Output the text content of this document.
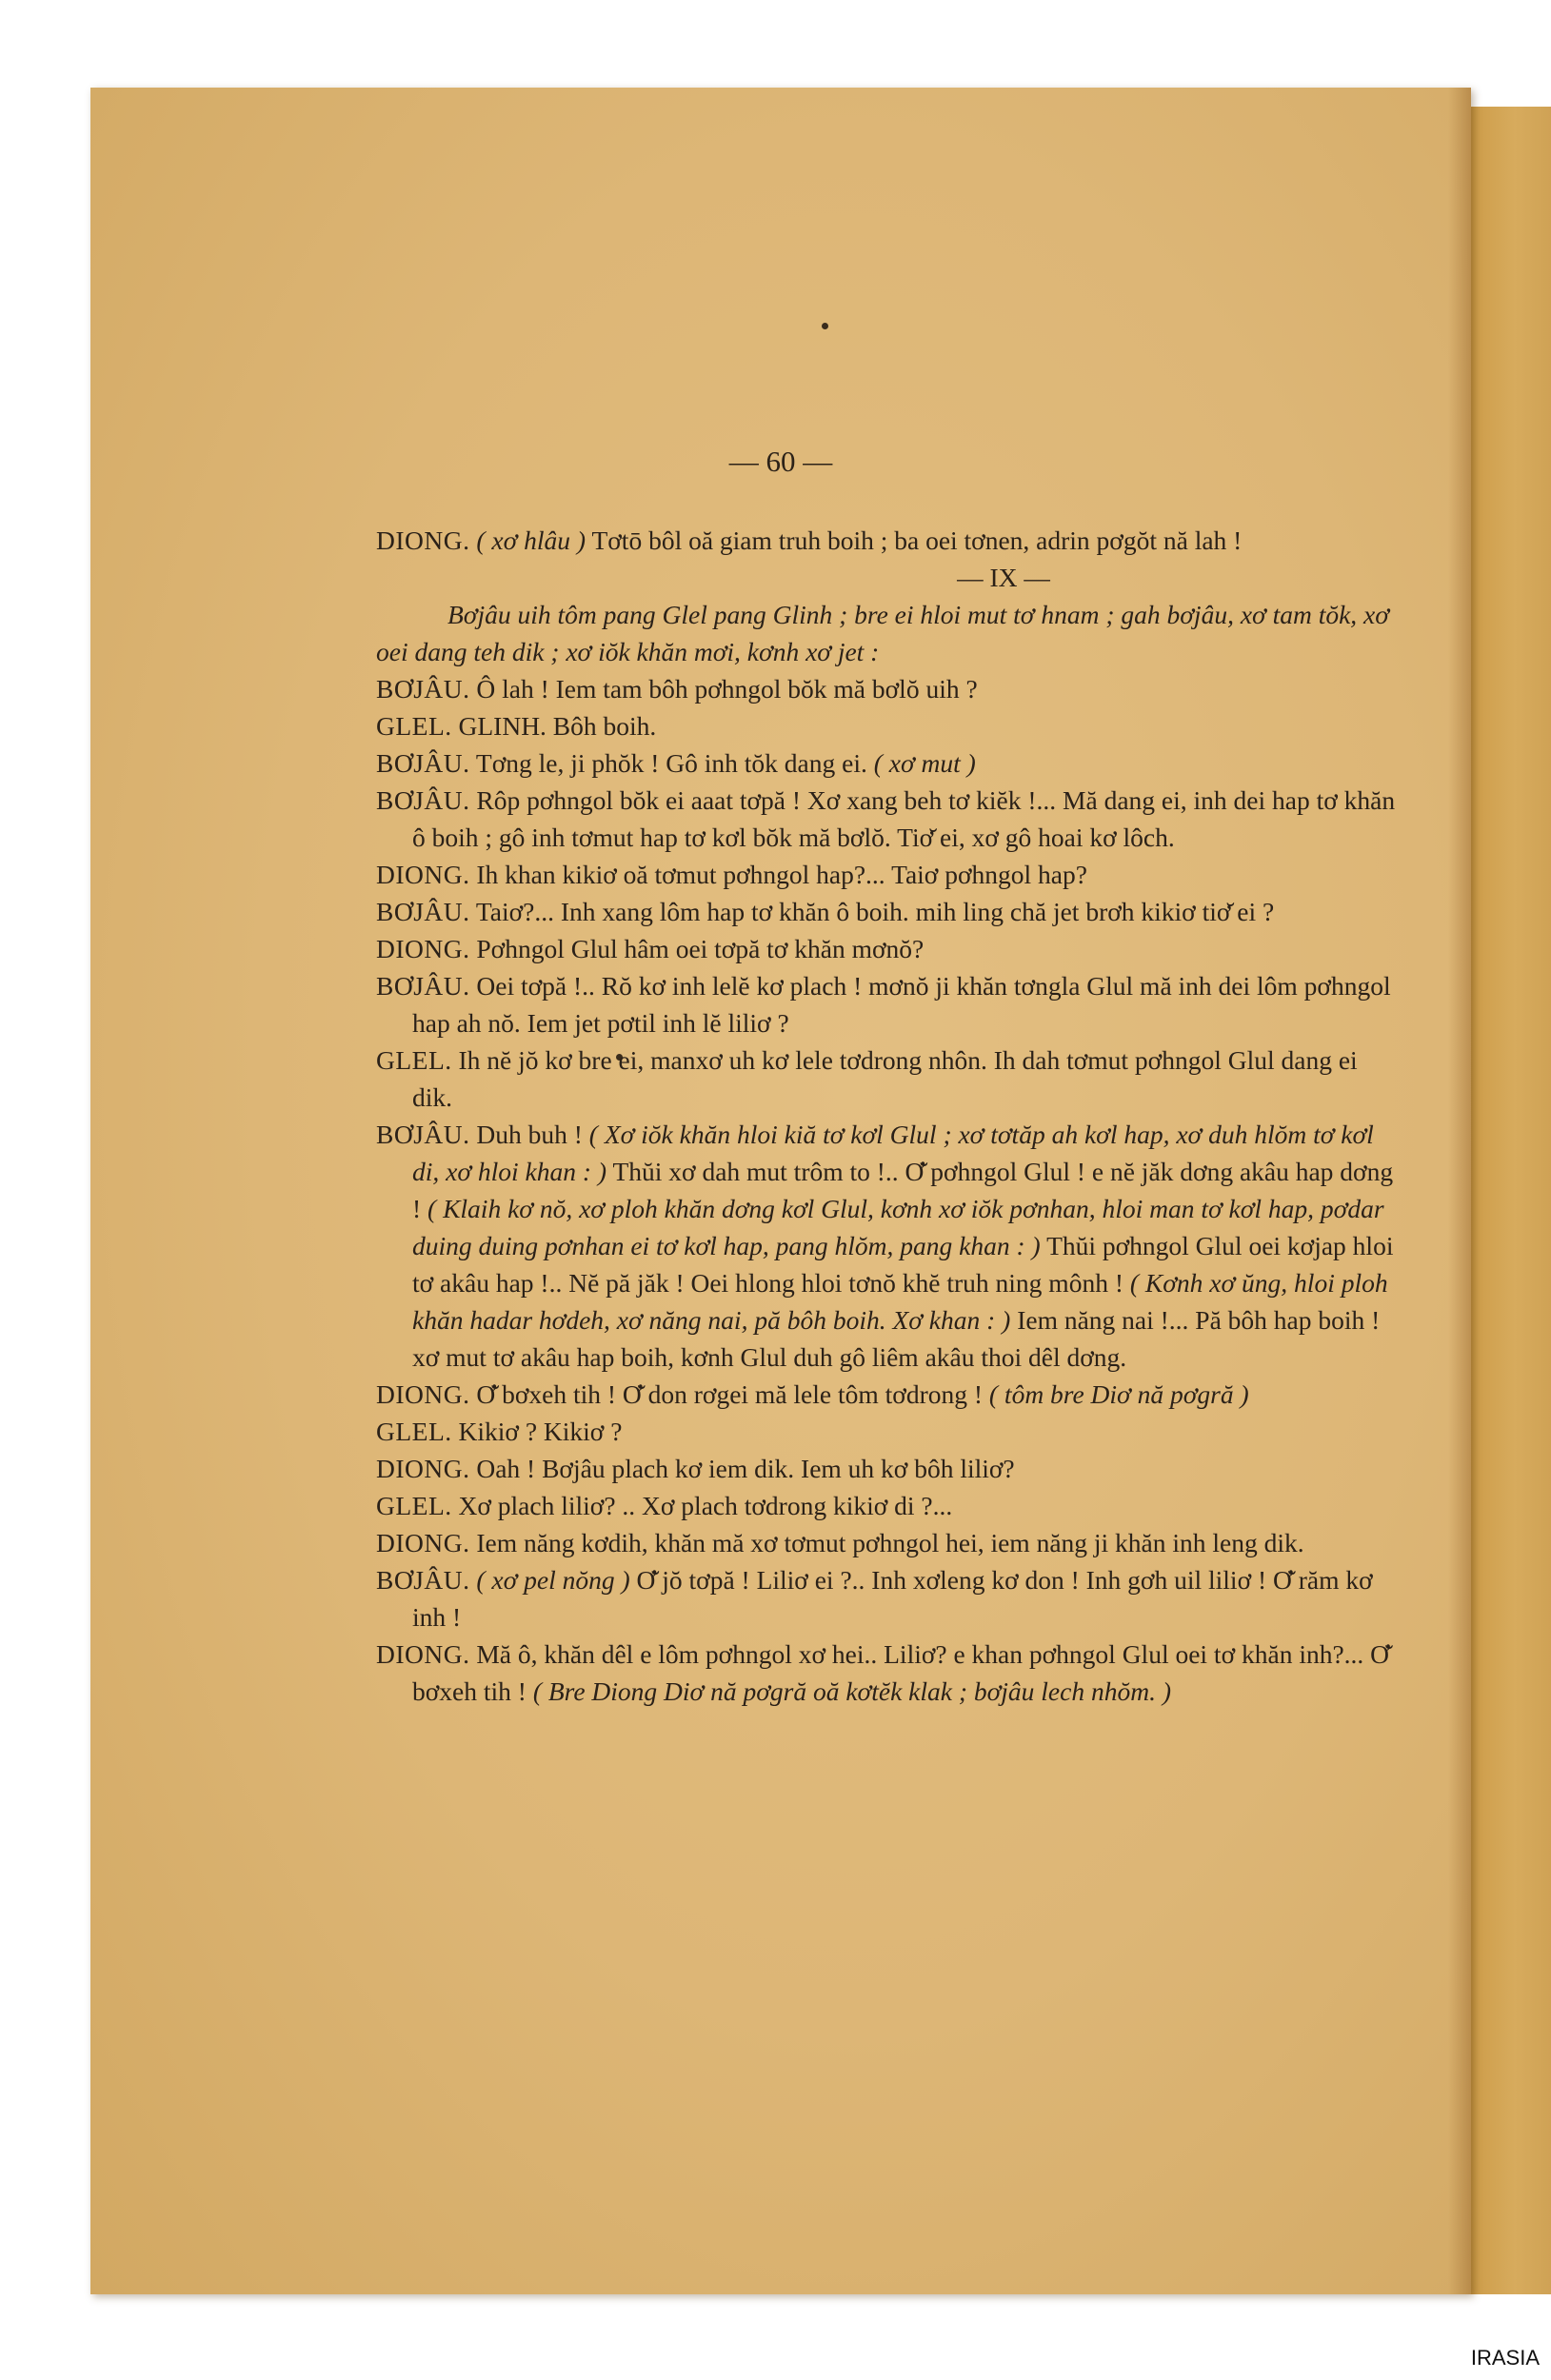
— 60 —

DIONG. ( xơ hlâu ) Tơtō bôl oă giam truh boih ; ba oei tơnen, adrin pơgŏt nă lah !

— IX —

Bơjâu uih tôm pang Glel pang Glinh ; bre ei hloi mut tơ hnam ; gah bơjâu, xơ tam tŏk, xơ oei dang teh dik ; xơ iŏk khăn mơi, kơnh xơ jet :

BƠJÂU. Ô lah ! Iem tam bôh pơhngol bŏk mă bơlŏ uih ?

GLEL. GLINH. Bôh boih.

BƠJÂU. Tơng le, ji phŏk ! Gô inh tŏk dang ei. ( xơ mut )

BƠJÂU. Rôp pơhngol bŏk ei aaat tơpă ! Xơ xang beh tơ kiĕk !... Mă dang ei, inh dei hap tơ khăn ô boih ; gô inh tơmut hap tơ kơl bŏk mă bơlŏ. Tiơ̆ ei, xơ gô hoai kơ lôch.

DIONG. Ih khan kikiơ oă tơmut pơhngol hap?... Taiơ pơhngol hap?

BƠJÂU. Taiơ?... Inh xang lôm hap tơ khăn ô boih. mih ling chă jet brơh kikiơ tiơ̆ ei ?

DIONG. Pơhngol Glul hâm oei tơpă tơ khăn mơnŏ?

BƠJÂU. Oei tơpă !.. Rŏ kơ inh lelĕ kơ plach ! mơnŏ ji khăn tơngla Glul mă inh dei lôm pơhngol hap ah nŏ. Iem jet pơtil inh lĕ liliơ ?

GLEL. Ih nĕ jŏ kơ bre ei, manxơ uh kơ lele tơdrong nhôn. Ih dah tơmut pơhngol Glul dang ei dik.

BƠJÂU. Duh buh ! ( Xơ iŏk khăn hloi kiă tơ kơl Glul ; xơ tơtăp ah kơl hap, xơ duh hlŏm tơ kơl di, xơ hloi khan : ) Thŭi xơ dah mut trôm to !.. Ơ̆ pơhngol Glul ! e nĕ jăk dơng akâu hap dơng ! ( Klaih kơ nŏ, xơ ploh khăn dơng kơl Glul, kơnh xơ iŏk pơnhan, hloi man tơ kơl hap, pơdar duing duing pơnhan ei tơ kơl hap, pang hlŏm, pang khan : ) Thŭi pơhngol Glul oei kơjap hloi tơ akâu hap !.. Nĕ pă jăk ! Oei hlong hloi tơnŏ khĕ truh ning mônh ! ( Kơnh xơ ŭng, hloi ploh khăn hadar hơdeh, xơ năng nai, pă bôh boih. Xơ khan : ) Iem năng nai !... Pă bôh hap boih ! xơ mut tơ akâu hap boih, kơnh Glul duh gô liêm akâu thoi dêl dơng.

DIONG. Ơ̆ bơxeh tih ! Ơ̆ don rơgei mă lele tôm tơdrong ! ( tôm bre Diơ nă pơgră )

GLEL. Kikiơ ? Kikiơ ?

DIONG. Oah ! Bơjâu plach kơ iem dik. Iem uh kơ bôh liliơ?

GLEL. Xơ plach liliơ? .. Xơ plach tơdrong kikiơ di ?...

DIONG. Iem năng kơdih, khăn mă xơ tơmut pơhngol hei, iem năng ji khăn inh leng dik.

BƠJÂU. ( xơ pel nŏng ) Ơ̆ jŏ tơpă ! Liliơ ei ?.. Inh xơleng kơ don ! Inh gơh uil liliơ ! Ơ̆ răm kơ inh !

DIONG. Mă ô, khăn dêl e lôm pơhngol xơ hei.. Liliơ? e khan pơhngol Glul oei tơ khăn inh?... Ơ̆ bơxeh tih ! ( Bre Diong Diơ nă pơgră oă kơtĕk klak ; bơjâu lech nhŏm. )

IRASIA
